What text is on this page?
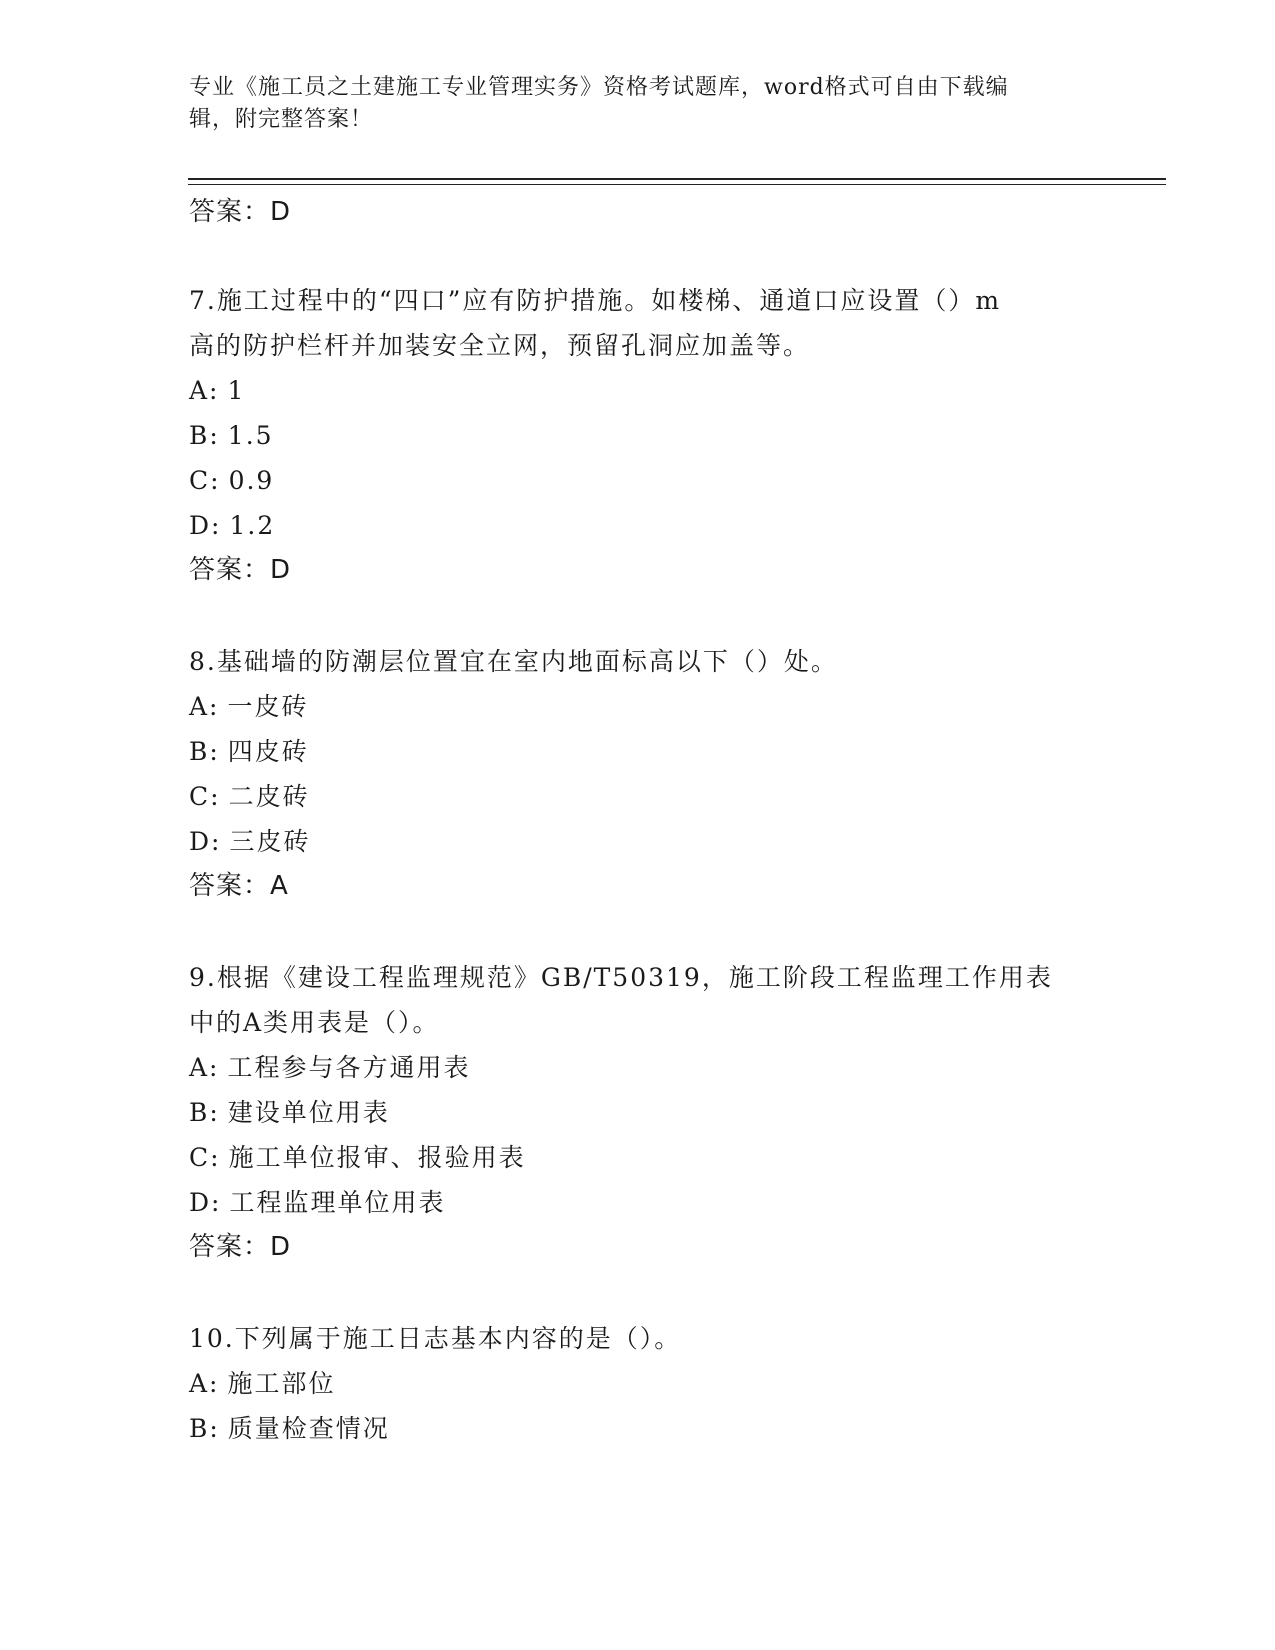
专业《施工员之土建施工专业管理实务》资格考试题库，word格式可自由下载编
辑，附完整答案！
答案：D
7.施工过程中的“四口”应有防护措施。如楼梯、通道口应设置（）m
高的防护栏杆并加装安全立网，预留孔洞应加盖等。
A: 1
B: 1.5
C: 0.9
D: 1.2
答案：D
8.基础墙的防潮层位置宜在室内地面标高以下（）处。
A: 一皮砖
B: 四皮砖
C: 二皮砖
D: 三皮砖
答案：A
9.根据《建设工程监理规范》GB/T50319，施工阶段工程监理工作用表
中的A类用表是（）。
A: 工程参与各方通用表
B: 建设单位用表
C: 施工单位报审、报验用表
D: 工程监理单位用表
答案：D
10.下列属于施工日志基本内容的是（）。
A: 施工部位
B: 质量检查情况
